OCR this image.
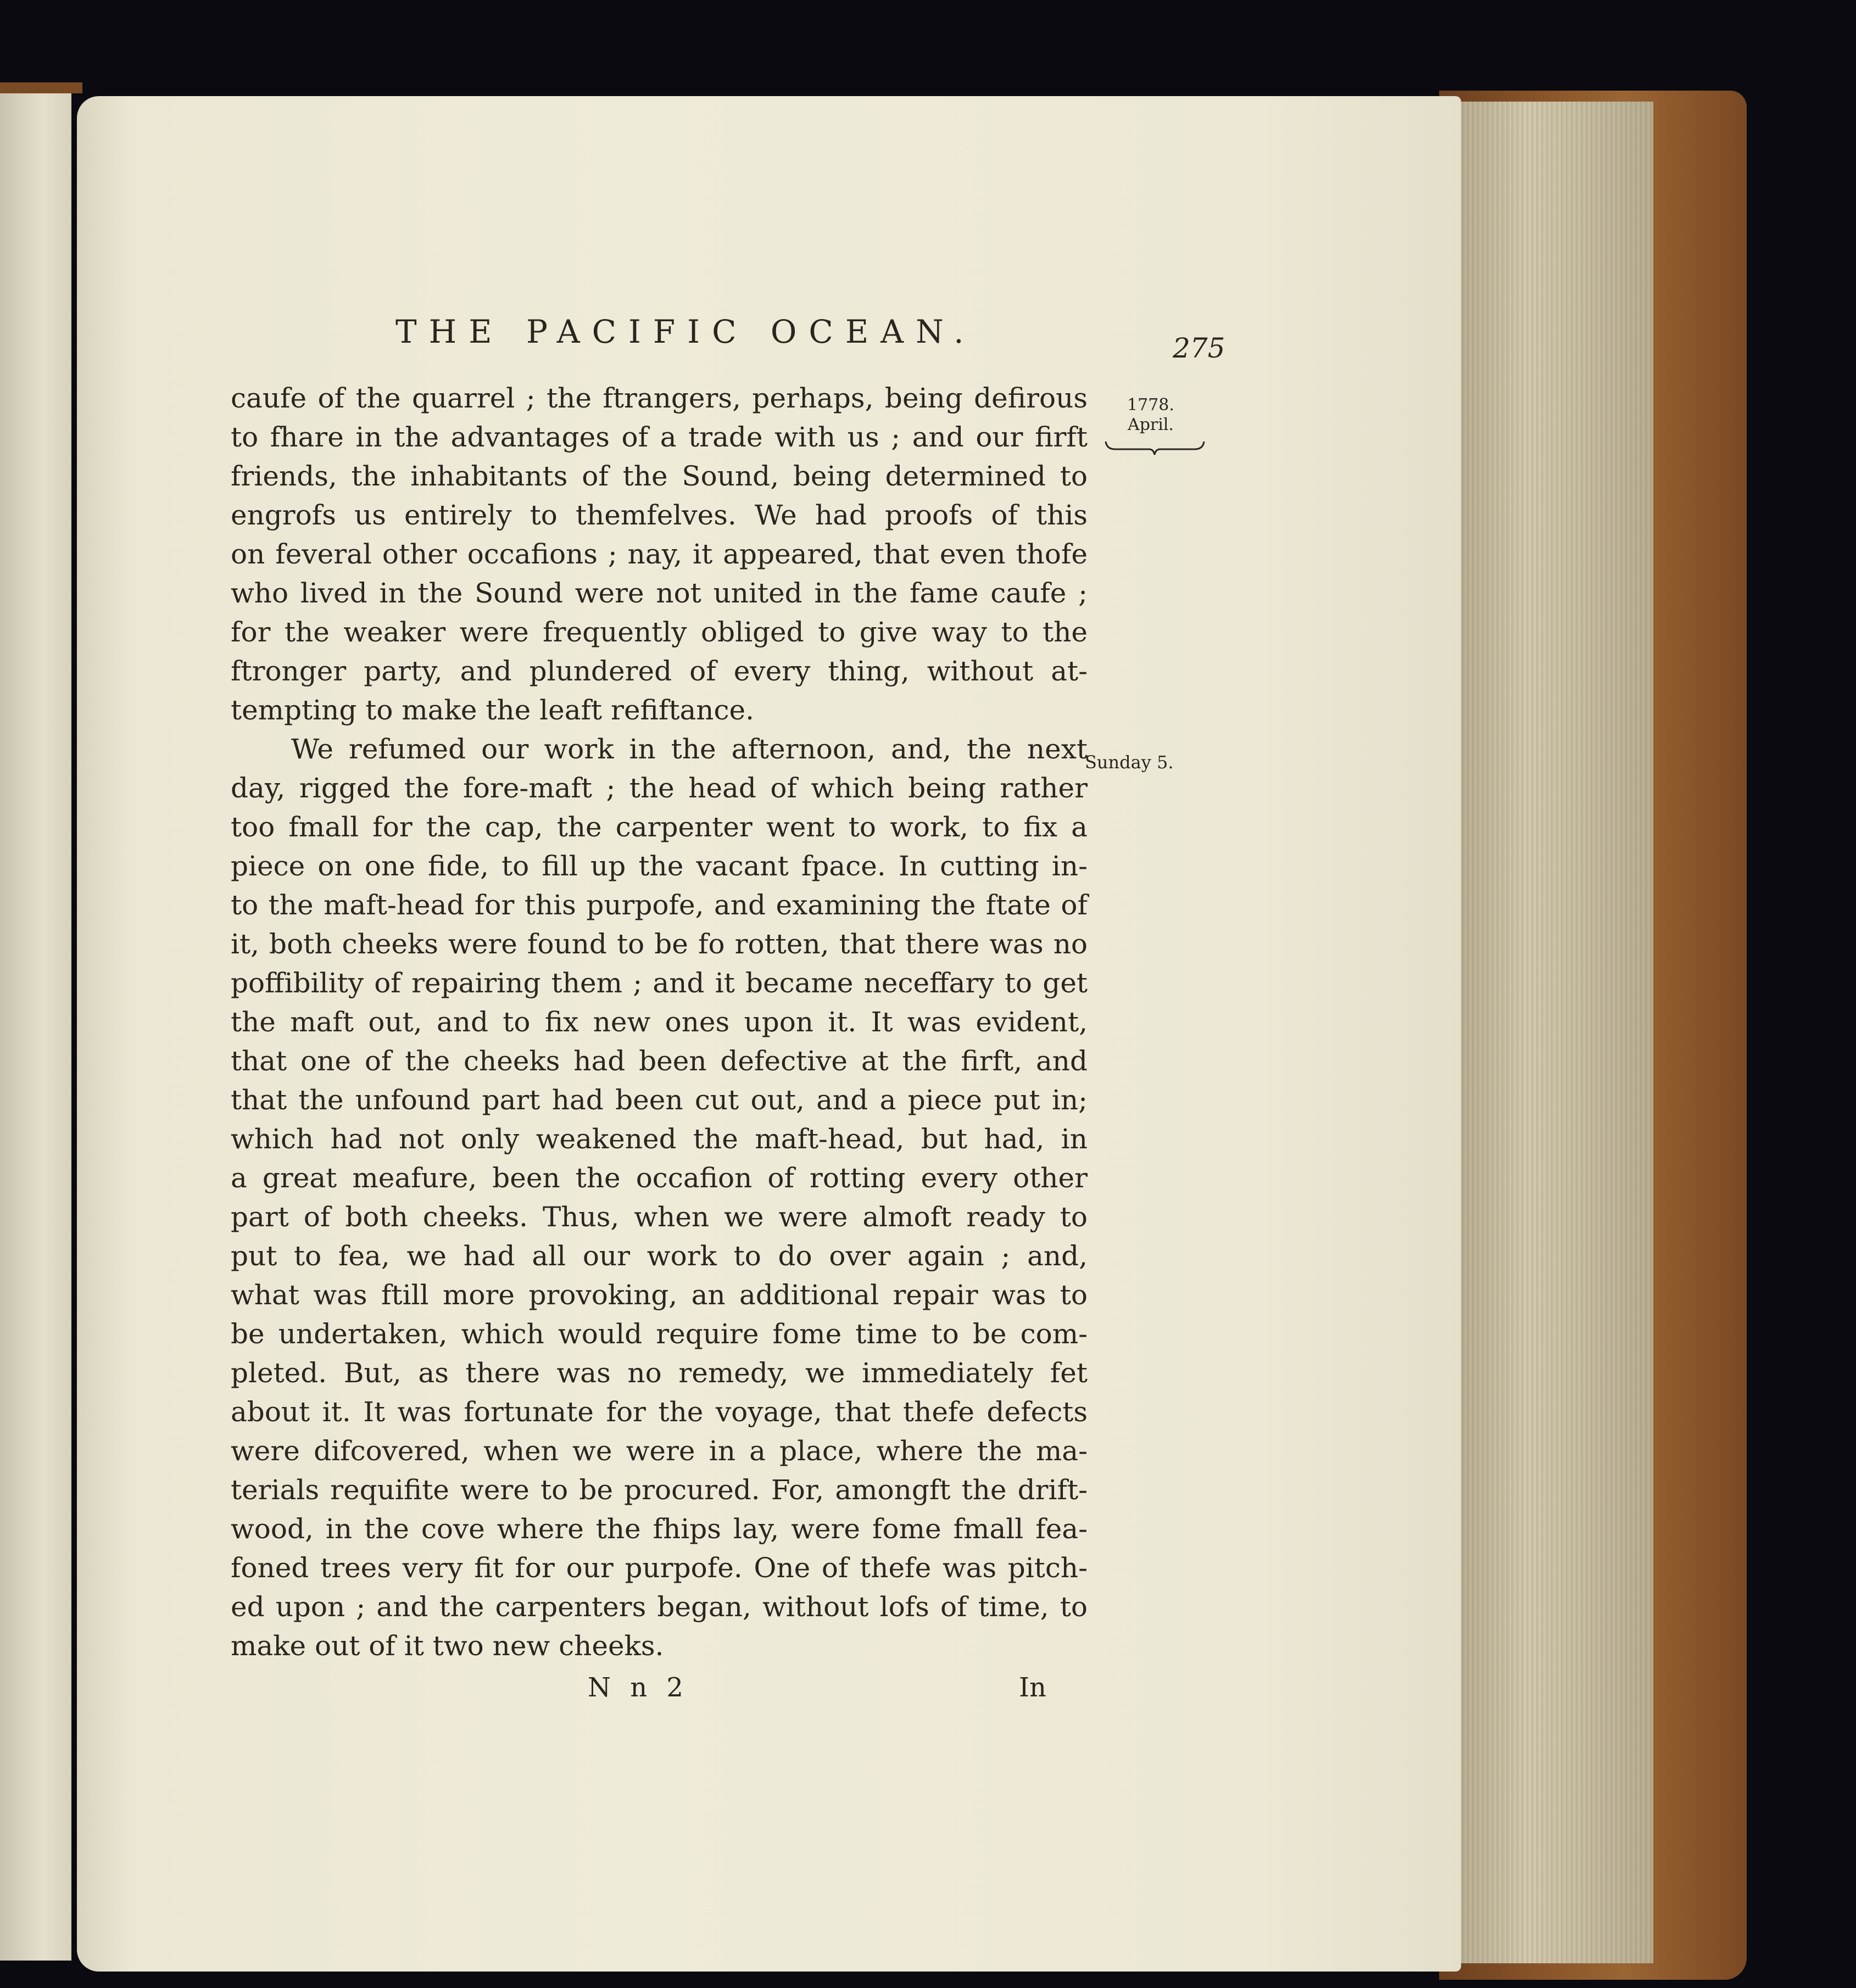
THE PACIFIC OCEAN.	275
1778.
April.
Sunday 5.
caufe of the quarrel ; the ftrangers, perhaps, being defirous
to fhare in the advantages of a trade with us ; and our firft
friends, the inhabitants of the Sound, being determined to
engrofs us entirely to themfelves. We had proofs of this
on feveral other occafions ; nay, it appeared, that even thofe
who lived in the Sound were not united in the fame caufe ;
for the weaker were frequently obliged to give way to the
ftronger party, and plundered of every thing, without at-
tempting to make the leaft refiftance.
We refumed our work in the afternoon, and, the next
day, rigged the fore-maft ; the head of which being rather
too fmall for the cap, the carpenter went to work, to fix a
piece on one fide, to fill up the vacant fpace. In cutting in-
to the maft-head for this purpofe, and examining the ftate of
it, both cheeks were found to be fo rotten, that there was no
poffibility of repairing them ; and it became neceffary to get
the maft out, and to fix new ones upon it. It was evident,
that one of the cheeks had been defective at the firft, and
that the unfound part had been cut out, and a piece put in;
which had not only weakened the maft-head, but had, in
a great meafure, been the occafion of rotting every other
part of both cheeks. Thus, when we were almoft ready to
put to fea, we had all our work to do over again ; and,
what was ftill more provoking, an additional repair was to
be undertaken, which would require fome time to be com-
pleted. But, as there was no remedy, we immediately fet
about it. It was fortunate for the voyage, that thefe defects
were difcovered, when we were in a place, where the ma-
terials requifite were to be procured. For, amongft the drift-
wood, in the cove where the fhips lay, were fome fmall fea-
foned trees very fit for our purpofe. One of thefe was pitch-
ed upon ; and the carpenters began, without lofs of time, to
make out of it two new cheeks.
N n 2	In
